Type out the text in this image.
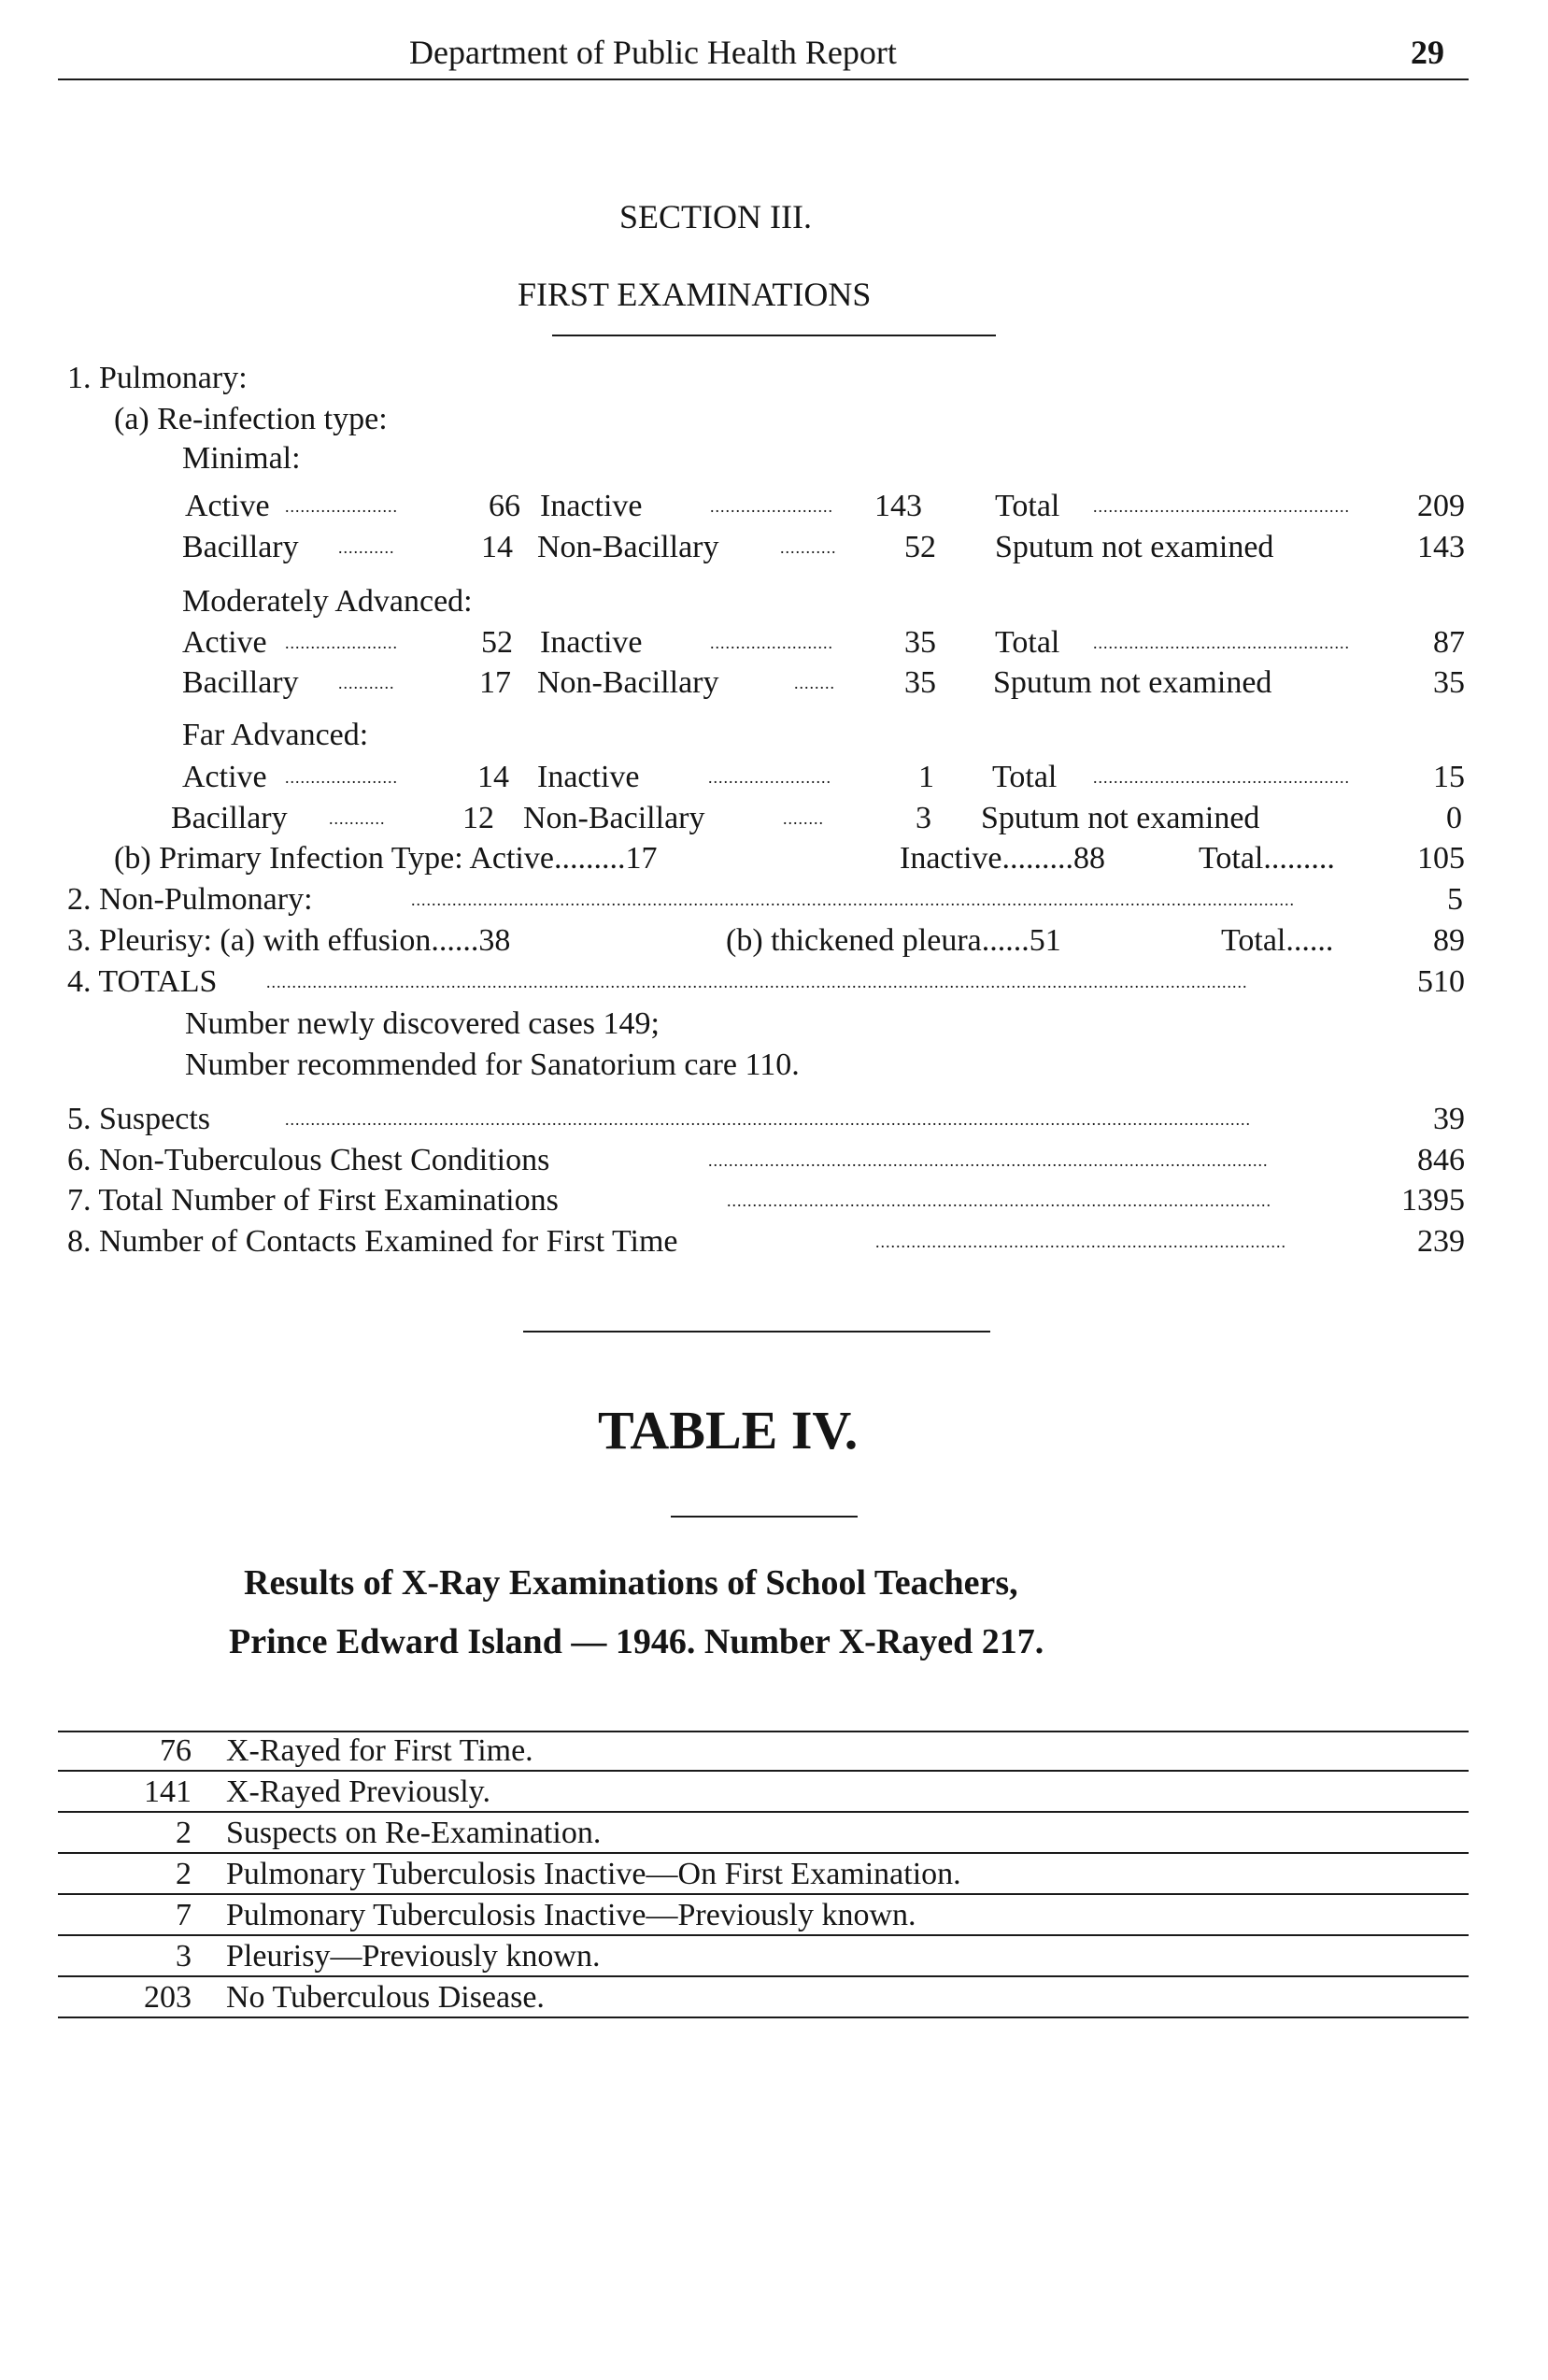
Department of Public Health Report	29
SECTION III.
FIRST EXAMINATIONS
1. Pulmonary:
(a) Re-infection type:
Minimal:
Active ......................	66 Inactive	........................ 143 Total ..................................................	209
Bacillary ...........	14 Non-Bacillary	........... 52 Sputum not examined	143
Moderately Advanced:
Active ......................	52 Inactive	........................ 35 Total ..................................................	87
Bacillary ...........	17 Non-Bacillary	........ 35 Sputum not examined	35
Far Advanced:
Active ......................	14 Inactive	........................	1 Total ..................................................	15
Bacillary ........... 12 Non-Bacillary	........	3 Sputum not examined	0
(b) Primary Infection Type: Active.........17	Inactive.........88	Total.........	105
2. Non-Pulmonary:	............................................................................................................................................................................	5
3. Pleurisy: (a) with effusion......38	(b) thickened pleura......51	Total......	89
4. TOTALS	...............................................................................................................................................................................................	510
Number newly discovered cases 149;
Number recommended for Sanatorium care 110.
5. Suspects	............................................................................................................................................................................................	39
6. Non-Tuberculous Chest Conditions	.............................................................................................................	846
7. Total Number of First Examinations	..........................................................................................................	1395
8. Number of Contacts Examined for First Time	................................................................................	239
TABLE IV.
Results of X-Ray Examinations of School Teachers,
Prince Edward Island — 1946. Number X-Rayed 217.
76 X-Rayed for First Time.
141 X-Rayed Previously.
2 Suspects on Re-Examination.
2 Pulmonary Tuberculosis Inactive—On First Examination.
7 Pulmonary Tuberculosis Inactive—Previously known.
3 Pleurisy—Previously known.
203 No Tuberculous Disease.
